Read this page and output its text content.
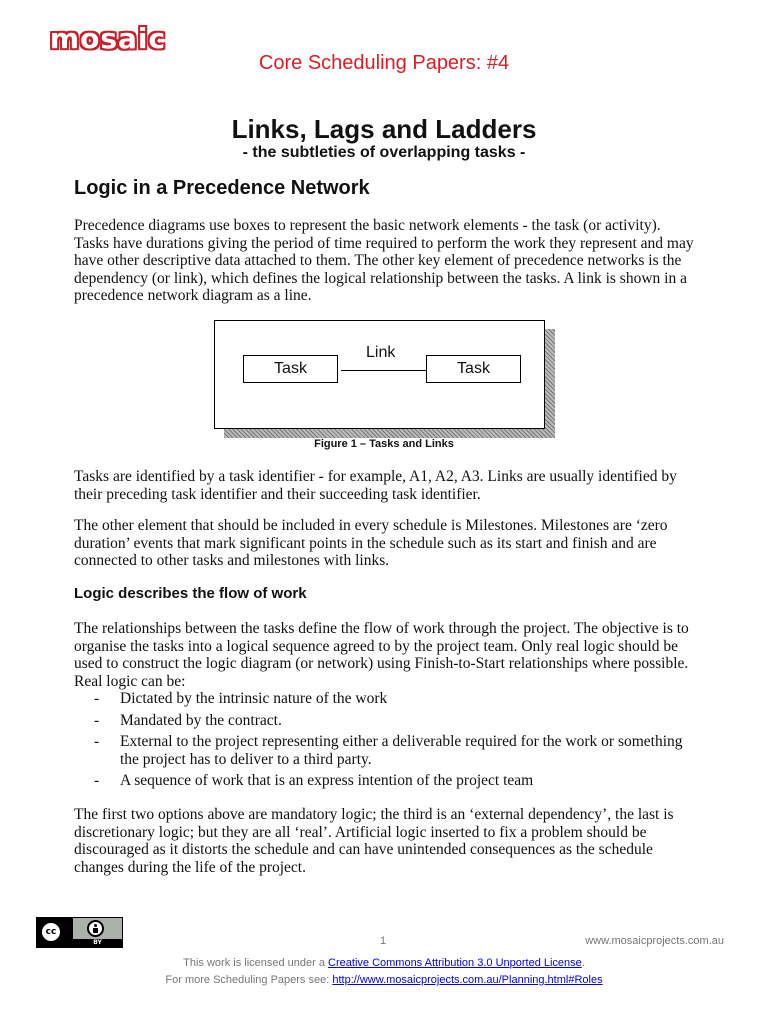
mosaic
Core Scheduling Papers: #4
Links, Lags and Ladders
- the subtleties of overlapping tasks -
Logic in a Precedence Network
Precedence diagrams use boxes to represent the basic network elements - the task (or activity). Tasks have durations giving the period of time required to perform the work they represent and may have other descriptive data attached to them. The other key element of precedence networks is the dependency (or link), which defines the logical relationship between the tasks. A link is shown in a precedence network diagram as a line.
Task
Link
Task
Figure 1 – Tasks and Links
Tasks are identified by a task identifier - for example, A1, A2, A3. Links are usually identified by their preceding task identifier and their succeeding task identifier.
The other element that should be included in every schedule is Milestones. Milestones are ‘zero duration’ events that mark significant points in the schedule such as its start and finish and are connected to other tasks and milestones with links.
Logic describes the flow of work
The relationships between the tasks define the flow of work through the project. The objective is to organise the tasks into a logical sequence agreed to by the project team. Only real logic should be used to construct the logic diagram (or network) using Finish-to-Start relationships where possible. Real logic can be:
-	Dictated by the intrinsic nature of the work
-	Mandated by the contract.
-	External to the project representing either a deliverable required for the work or something the project has to deliver to a third party.
-	A sequence of work that is an express intention of the project team
The first two options above are mandatory logic; the third is an ‘external dependency’, the last is discretionary logic; but they are all ‘real’. Artificial logic inserted to fix a problem should be discouraged as it distorts the schedule and can have unintended consequences as the schedule changes during the life of the project.
cc
BY	1	www.mosaicprojects.com.au
This work is licensed under a Creative Commons Attribution 3.0 Unported License.
For more Scheduling Papers see: http://www.mosaicprojects.com.au/Planning.html#Roles
